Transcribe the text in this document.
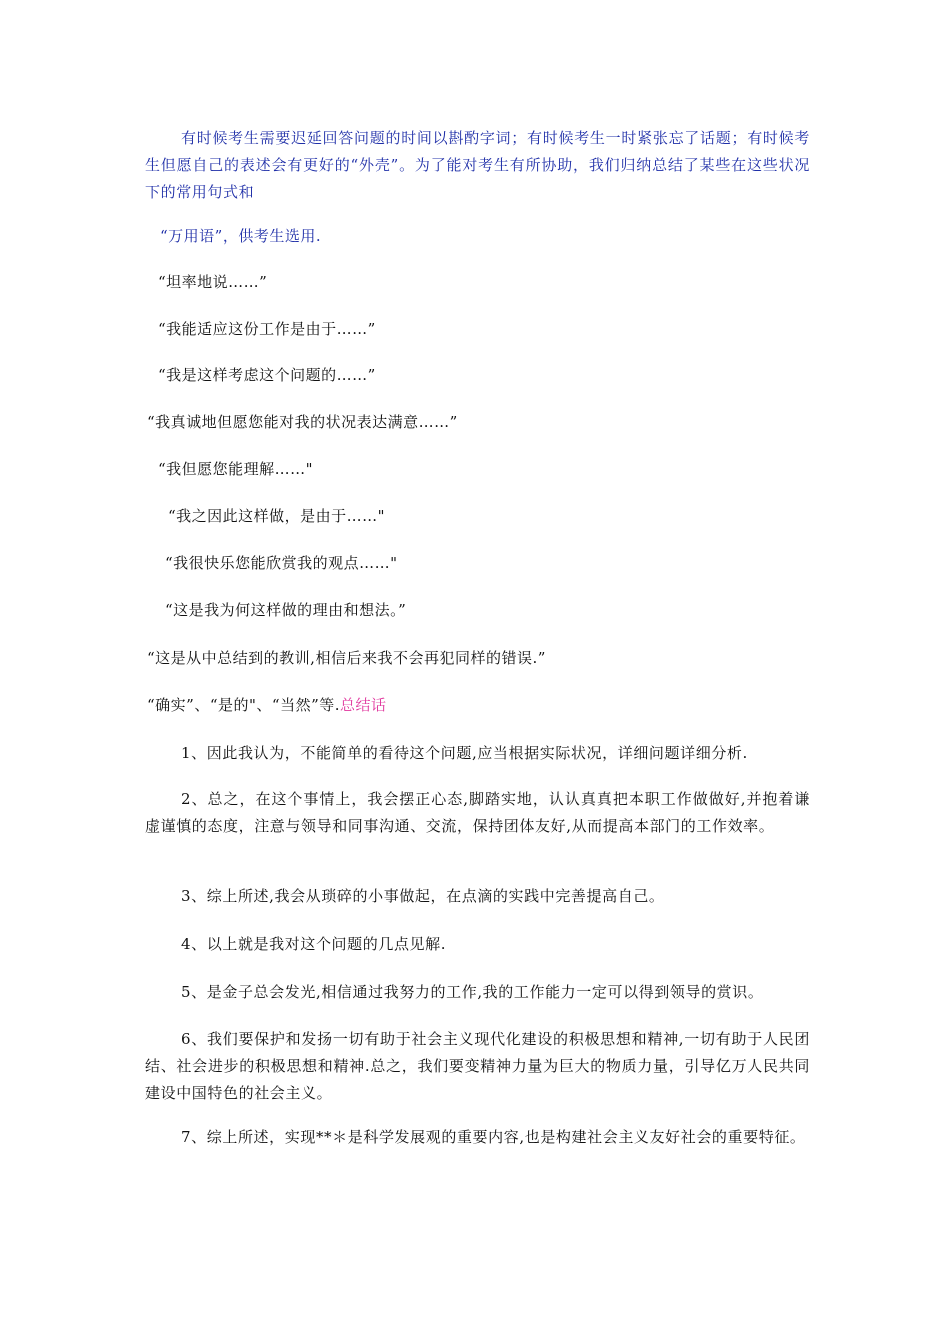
有时候考生需要迟延回答问题的时间以斟酌字词；有时候考生一时紧张忘了话题；有时候考生但愿自己的表述会有更好的“外壳”。为了能对考生有所协助，我们归纳总结了某些在这些状况下的常用句式和

“万用语”，供考生选用.
“坦率地说……”
“我能适应这份工作是由于……”
“我是这样考虑这个问题的……”
“我真诚地但愿您能对我的状况表达满意……”
“我但愿您能理解……"
“我之因此这样做，是由于……"
“我很快乐您能欣赏我的观点……"
“这是我为何这样做的理由和想法。”
“这是从中总结到的教训,相信后来我不会再犯同样的错误.”
“确实”、“是的"、“当然”等.总结话

1、因此我认为，不能简单的看待这个问题,应当根据实际状况，详细问题详细分析.

2、总之，在这个事情上，我会摆正心态,脚踏实地，认认真真把本职工作做做好,并抱着谦虚谨慎的态度，注意与领导和同事沟通、交流，保持团体友好,从而提高本部门的工作效率。

3、综上所述,我会从琐碎的小事做起，在点滴的实践中完善提高自己。

4、以上就是我对这个问题的几点见解.

5、是金子总会发光,相信通过我努力的工作,我的工作能力一定可以得到领导的赏识。

6、我们要保护和发扬一切有助于社会主义现代化建设的积极思想和精神,一切有助于人民团结、社会进步的积极思想和精神.总之，我们要变精神力量为巨大的物质力量，引导亿万人民共同建设中国特色的社会主义。

7、综上所述，实现**＊是科学发展观的重要内容,也是构建社会主义友好社会的重要特征。
